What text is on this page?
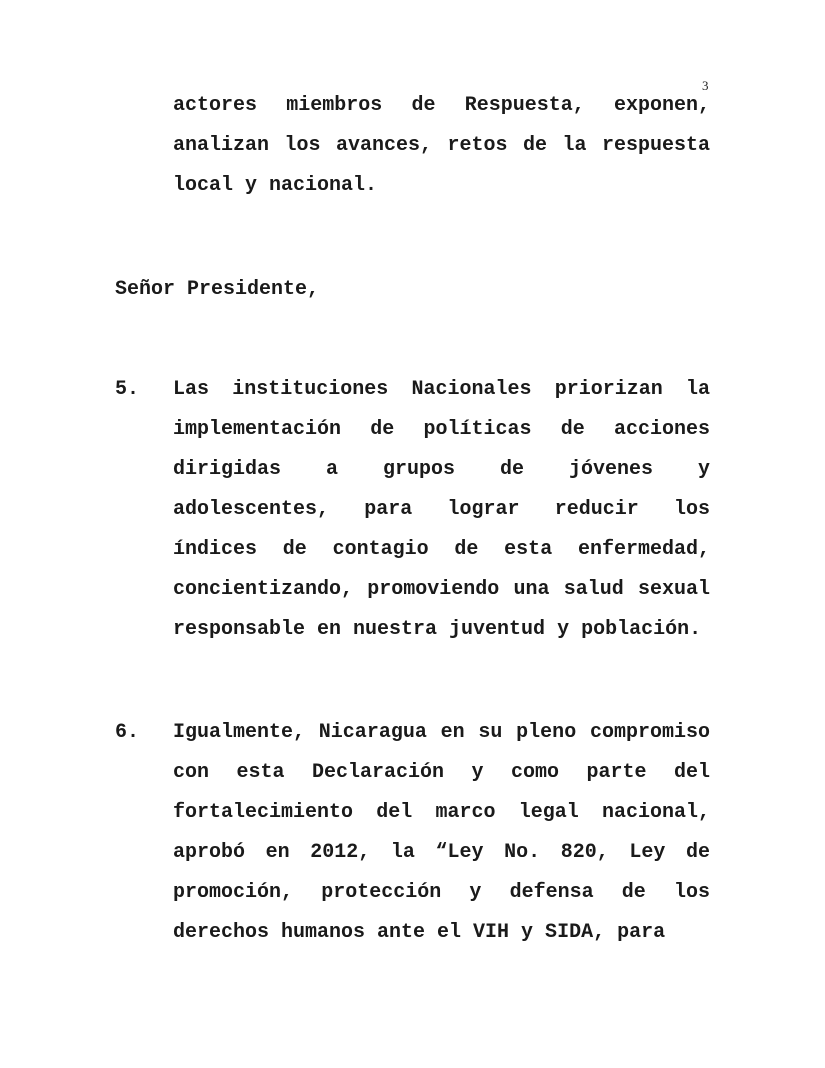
3
actores miembros de Respuesta, exponen, analizan los avances, retos de la respuesta local y nacional.
Señor Presidente,
5.	Las instituciones Nacionales priorizan la implementación de políticas de acciones dirigidas a grupos de jóvenes y adolescentes, para lograr reducir los índices de contagio de esta enfermedad, concientizando, promoviendo una salud sexual responsable en nuestra juventud y población.
6.	Igualmente, Nicaragua en su pleno compromiso con esta Declaración y como parte del fortalecimiento del marco legal nacional, aprobó en 2012, la “Ley No. 820, Ley de promoción, protección y defensa de los derechos humanos ante el VIH y SIDA, para
